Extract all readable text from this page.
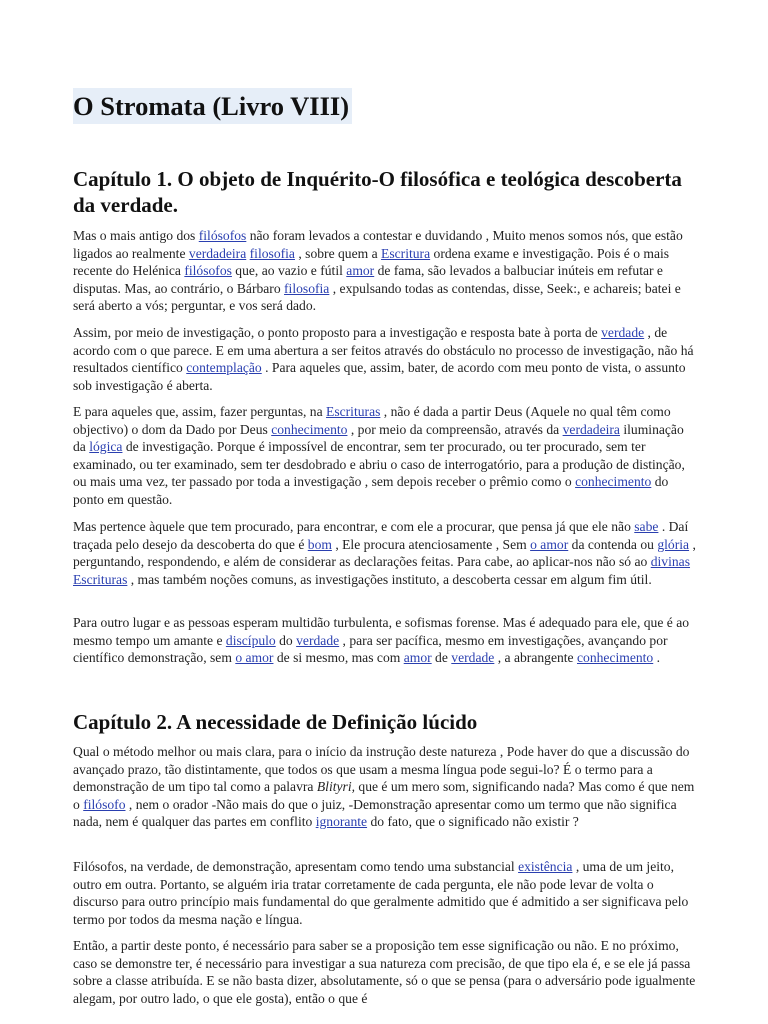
O Stromata (Livro VIII)
Capítulo 1. O objeto de Inquérito-O filosófica e teológica descoberta da verdade.

Mas o mais antigo dos filósofos não foram levados a contestar e duvidando , Muito menos somos nós, que estão ligados ao realmente verdadeira filosofia , sobre quem a Escritura ordena exame e investigação. Pois é o mais recente do Helénica filósofos que, ao vazio e fútil amor de fama, são levados a balbuciar inúteis em refutar e disputas. Mas, ao contrário, o Bárbaro filosofia , expulsando todas as contendas, disse, Seek:, e achareis; batei e será aberto a vós; perguntar, e vos será dado.

Assim, por meio de investigação, o ponto proposto para a investigação e resposta bate à porta de verdade , de acordo com o que parece. E em uma abertura a ser feitos através do obstáculo no processo de investigação, não há resultados científico contemplação . Para aqueles que, assim, bater, de acordo com meu ponto de vista, o assunto sob investigação é aberta.

E para aqueles que, assim, fazer perguntas, na Escrituras , não é dada a partir Deus (Aquele no qual têm como objectivo) o dom da Dado por Deus conhecimento , por meio da compreensão, através da verdadeira iluminação da lógica de investigação. Porque é impossível de encontrar, sem ter procurado, ou ter procurado, sem ter examinado, ou ter examinado, sem ter desdobrado e abriu o caso de interrogatório, para a produção de distinção, ou mais uma vez, ter passado por toda a investigação , sem depois receber o prêmio como o conhecimento do ponto em questão.

Mas pertence àquele que tem procurado, para encontrar, e com ele a procurar, que pensa já que ele não sabe . Daí traçada pelo desejo da descoberta do que é bom , Ele procura atenciosamente , Sem o amor da contenda ou glória , perguntando, respondendo, e além de considerar as declarações feitas. Para cabe, ao aplicar-nos não só ao divinas Escrituras , mas também noções comuns, as investigações instituto, a descoberta cessar em algum fim útil.

Para outro lugar e as pessoas esperam multidão turbulenta, e sofismas forense. Mas é adequado para ele, que é ao mesmo tempo um amante e discípulo do verdade , para ser pacífica, mesmo em investigações, avançando por científico demonstração, sem o amor de si mesmo, mas com amor de verdade , a abrangente conhecimento .

Capítulo 2. A necessidade de Definição lúcido

Qual o método melhor ou mais clara, para o início da instrução deste natureza , Pode haver do que a discussão do avançado prazo, tão distintamente, que todos os que usam a mesma língua pode segui-lo? É o termo para a demonstração de um tipo tal como a palavra Blityri, que é um mero som, significando nada? Mas como é que nem o filósofo , nem o orador -Não mais do que o juiz, -Demonstração apresentar como um termo que não significa nada, nem é qualquer das partes em conflito ignorante do fato, que o significado não existir ?

Filósofos, na verdade, de demonstração, apresentam como tendo uma substancial existência , uma de um jeito, outro em outra. Portanto, se alguém iria tratar corretamente de cada pergunta, ele não pode levar de volta o discurso para outro princípio mais fundamental do que geralmente admitido que é admitido a ser significava pelo termo por todos da mesma nação e língua.

Então, a partir deste ponto, é necessário para saber se a proposição tem esse significação ou não. E no próximo, caso se demonstre ter, é necessário para investigar a sua natureza com precisão, de que tipo ela é, e se ele já passa sobre a classe atribuída. E se não basta dizer, absolutamente, só o que se pensa (para o adversário pode igualmente alegam, por outro lado, o que ele gosta), então o que é
